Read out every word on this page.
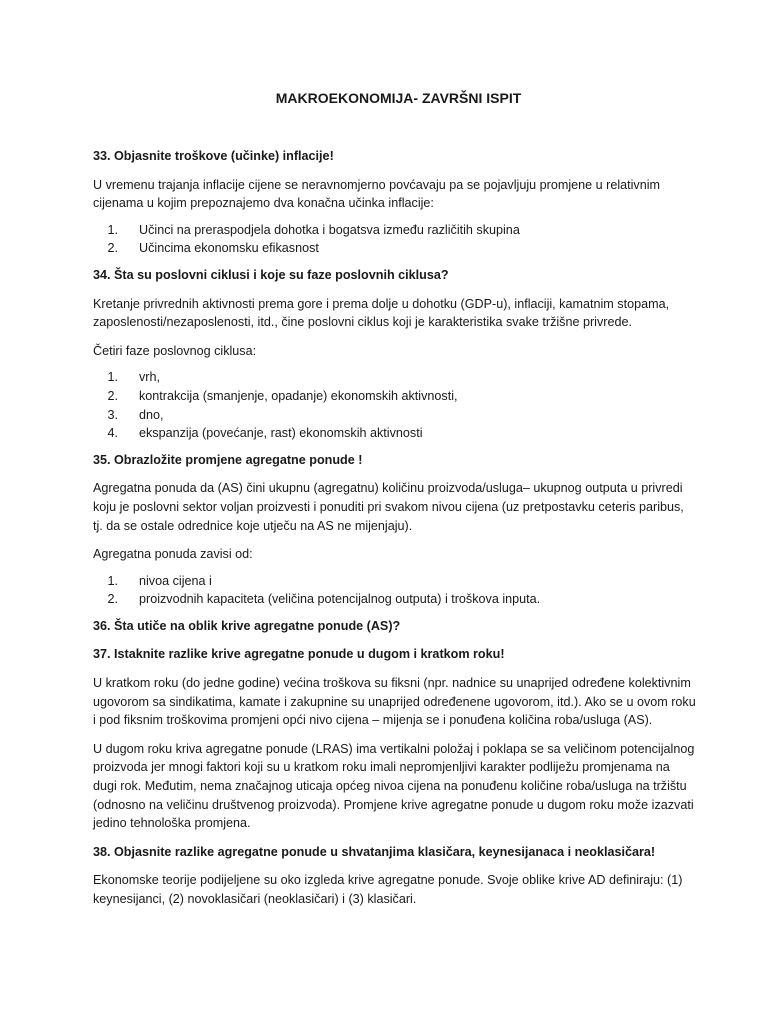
MAKROEKONOMIJA- ZAVRŠNI ISPIT
33. Objasnite troškove (učinke) inflacije!
U vremenu trajanja inflacije cijene se neravnomjerno povćavaju pa se pojavljuju promjene u relativnim cijenama u kojim prepoznajemo dva konačna učinka inflacije:
1.	Učinci na preraspodjela dohotka i bogatsva između različitih skupina
2.	Učincima ekonomsku efikasnost
34. Šta su poslovni ciklusi i koje su faze poslovnih ciklusa?
Kretanje privrednih aktivnosti prema gore i prema dolje u dohotku (GDP-u), inflaciji, kamatnim stopama, zaposlenosti/nezaposlenosti, itd., čine poslovni ciklus koji je karakteristika svake tržišne privrede.
Četiri faze poslovnog ciklusa:
1.	vrh,
2.	kontrakcija (smanjenje, opadanje) ekonomskih aktivnosti,
3.	dno,
4.	ekspanzija (povećanje, rast) ekonomskih aktivnosti
35. Obrazložite promjene agregatne ponude !
Agregatna ponuda da (AS) čini ukupnu (agregatnu) količinu proizvoda/usluga– ukupnog outputa u privredi koju je poslovni sektor voljan proizvesti i ponuditi pri svakom nivou cijena (uz pretpostavku ceteris paribus, tj. da se ostale odrednice koje utječu na AS ne mijenjaju).
Agregatna ponuda zavisi od:
1.	nivoa cijena i
2.	proizvodnih kapaciteta (veličina potencijalnog outputa) i troškova inputa.
36. Šta utiče na oblik krive agregatne ponude (AS)?
37. Istaknite razlike krive agregatne ponude u dugom i kratkom roku!
U kratkom roku (do jedne godine) većina troškova su fiksni (npr. nadnice su unaprijed određene kolektivnim ugovorom sa sindikatima, kamate i zakupnine su unaprijed određenene ugovorom, itd.). Ako se u ovom roku i pod fiksnim troškovima promjeni opći nivo cijena – mijenja se i ponuđena količina roba/usluga (AS).
U dugom roku kriva agregatne ponude (LRAS) ima vertikalni položaj i poklapa se sa veličinom potencijalnog proizvoda jer mnogi faktori koji su u kratkom roku imali nepromjenljivi karakter podliježu promjenama na dugi rok. Međutim, nema značajnog uticaja općeg nivoa cijena na ponuđenu količine roba/usluga na tržištu (odnosno na veličinu društvenog proizvoda). Promjene krive agregatne ponude u dugom roku može izazvati jedino tehnološka promjena.
38. Objasnite razlike agregatne ponude u shvatanjima klasičara, keynesijanaca i neoklasičara!
Ekonomske teorije podijeljene su oko izgleda krive agregatne ponude. Svoje oblike krive AD definiraju: (1) keynesijanci, (2) novoklasičari (neoklasičari) i (3) klasičari.
